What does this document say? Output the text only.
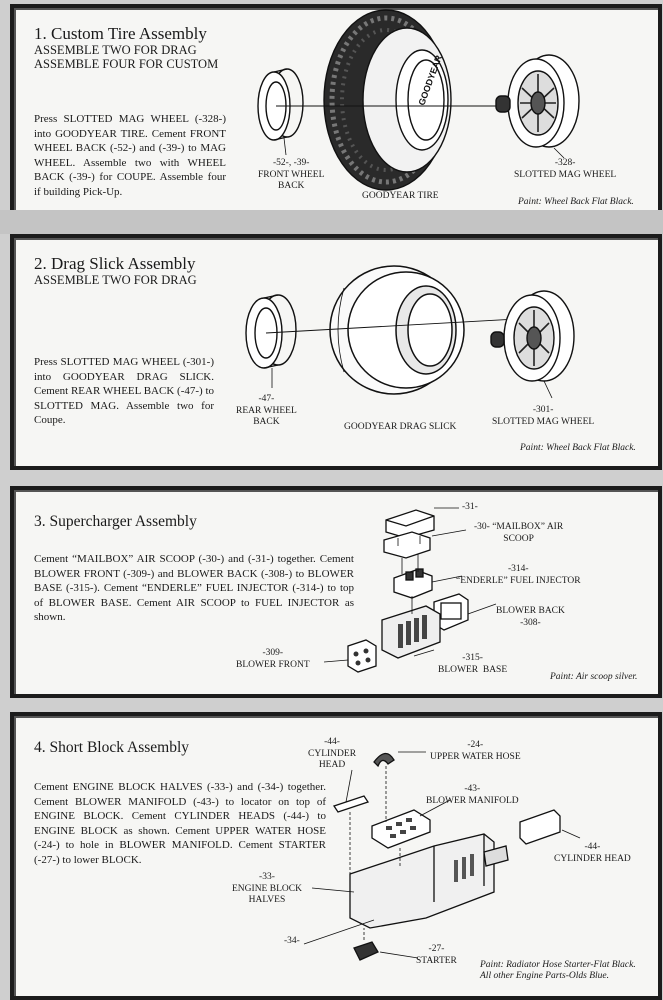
1. Custom Tire Assembly
ASSEMBLE TWO FOR DRAG
ASSEMBLE FOUR FOR CUSTOM
Press SLOTTED MAG WHEEL (-328-) into GOODYEAR TIRE. Cement FRONT WHEEL BACK (-52-) and (-39-) to MAG WHEEL. Assemble two with WHEEL BACK (-39-) for COUPE. Assemble four if building Pick-Up.
GOODYEAR
-52-, -39-
FRONT WHEEL
BACK
GOODYEAR TIRE
-328-
SLOTTED MAG WHEEL
Paint: Wheel Back Flat Black.
2. Drag Slick Assembly
ASSEMBLE TWO FOR DRAG
Press SLOTTED MAG WHEEL (-301-) into GOODYEAR DRAG SLICK. Cement REAR WHEEL BACK (-47-) to SLOTTED MAG. Assemble two for Coupe.
-47-
REAR WHEEL
BACK	GOODYEAR DRAG SLICK
-301-
SLOTTED MAG WHEEL
Paint: Wheel Back Flat Black.
3. Supercharger Assembly
Cement “MAILBOX” AIR SCOOP (-30-) and (-31-) together. Cement BLOWER FRONT (-309-) and BLOWER BACK (-308-) to BLOWER BASE (-315-). Cement “ENDERLE” FUEL INJECTOR (-314-) to top of BLOWER BASE. Cement AIR SCOOP to FUEL INJECTOR as shown.
-31-
-30- “MAILBOX” AIR
SCOOP
-314-
“ENDERLE” FUEL INJECTOR
BLOWER BACK
-308-
-309-
BLOWER FRONT
-315-
BLOWER  BASE
Paint: Air scoop silver.
4. Short Block Assembly
Cement ENGINE BLOCK HALVES (-33-) and (-34-) together. Cement BLOWER MANIFOLD (-43-) to locator on top of ENGINE BLOCK. Cement CYLINDER HEADS (-44-) to ENGINE BLOCK as shown. Cement UPPER WATER HOSE (-24-) to hole in BLOWER MANIFOLD. Cement STARTER (-27-) to lower BLOCK.
-44-
CYLINDER
HEAD
-24-
UPPER WATER HOSE
-43-
BLOWER MANIFOLD
-44-
CYLINDER HEAD
-33-
ENGINE BLOCK
HALVES
-34-
-27-
STARTER Paint: Radiator Hose Starter-Flat Black.
All other Engine Parts-Olds Blue.
